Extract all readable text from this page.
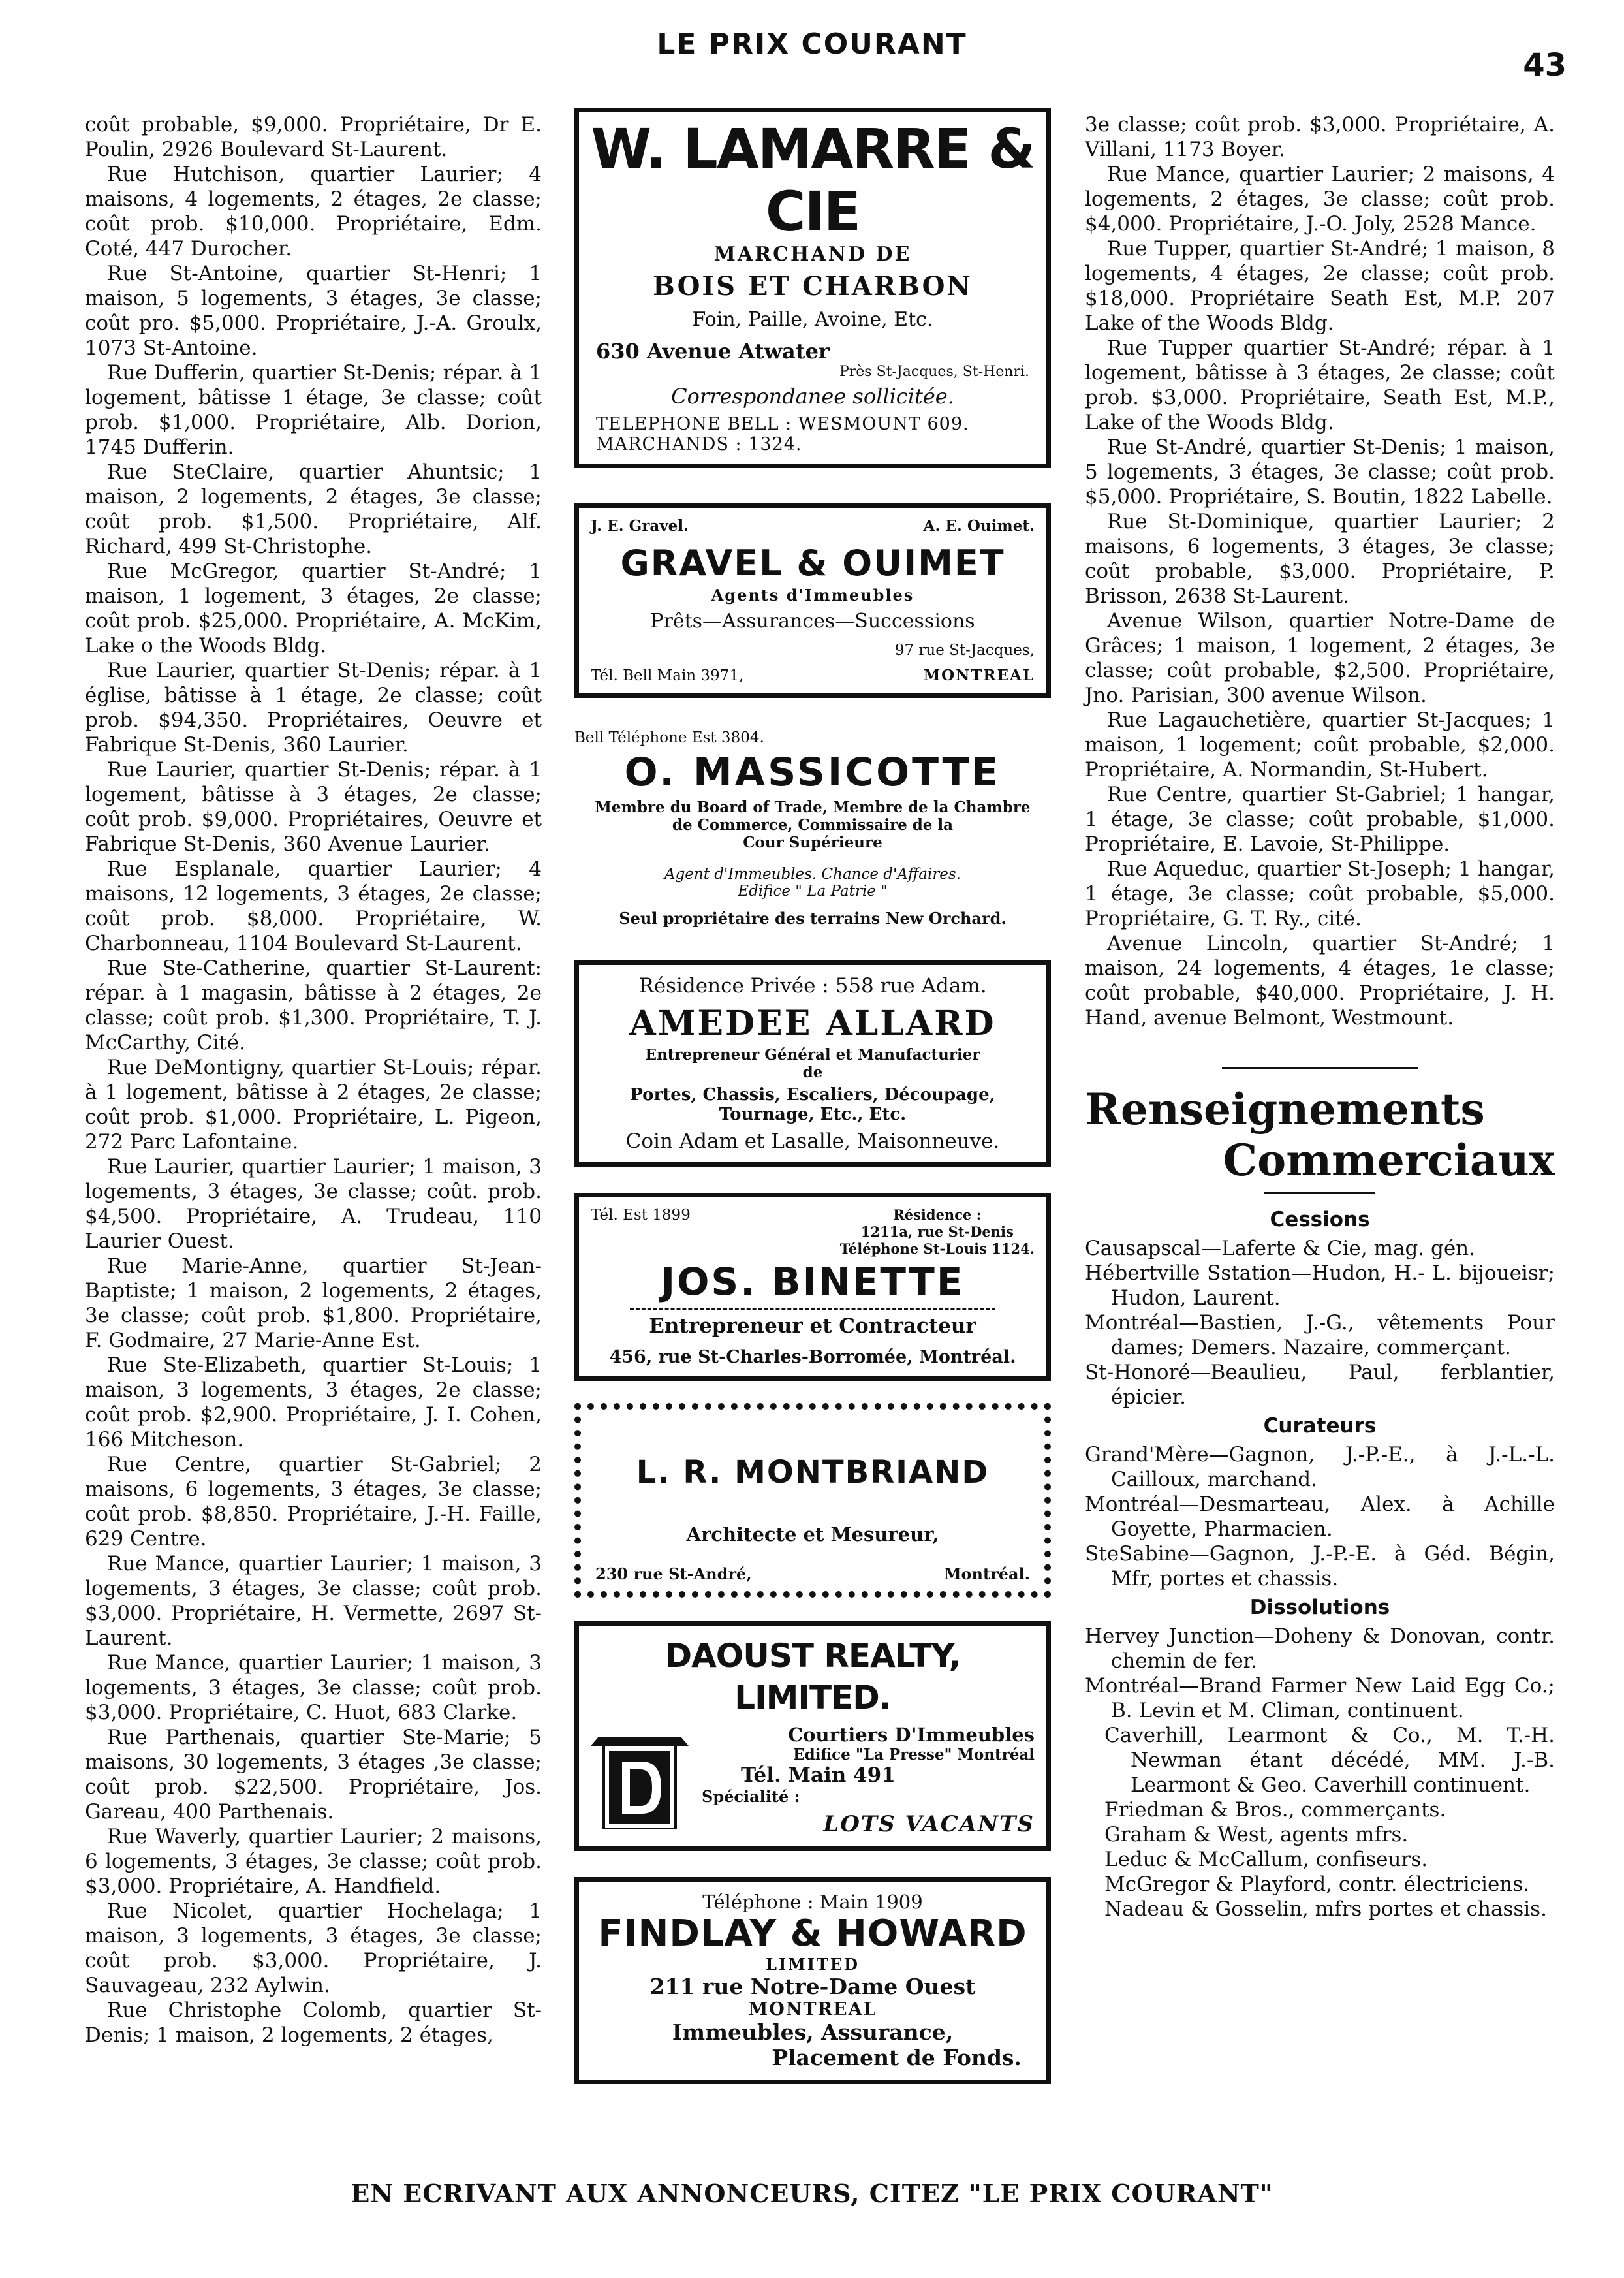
LE PRIX COURANT
43

coût probable, $9,000. Propriétaire, Dr E. Poulin, 2926 Boulevard St-Laurent.

Rue Hutchison, quartier Laurier; 4 maisons, 4 logements, 2 étages, 2e classe; coût prob. $10,000. Propriétaire, Edm. Coté, 447 Durocher.

Rue St-Antoine, quartier St-Henri; 1 maison, 5 logements, 3 étages, 3e classe; coût pro. $5,000. Propriétaire, J.-A. Groulx, 1073 St-Antoine.

Rue Dufferin, quartier St-Denis; répar. à 1 logement, bâtisse 1 étage, 3e classe; coût prob. $1,000. Propriétaire, Alb. Dorion, 1745 Dufferin.

Rue SteClaire, quartier Ahuntsic; 1 maison, 2 logements, 2 étages, 3e classe; coût prob. $1,500. Propriétaire, Alf. Richard, 499 St-Christophe.

Rue McGregor, quartier St-André; 1 maison, 1 logement, 3 étages, 2e classe; coût prob. $25,000. Propriétaire, A. McKim, Lake o the Woods Bldg.

Rue Laurier, quartier St-Denis; répar. à 1 église, bâtisse à 1 étage, 2e classe; coût prob. $94,350. Propriétaires, Oeuvre et Fabrique St-Denis, 360 Laurier.

Rue Laurier, quartier St-Denis; répar. à 1 logement, bâtisse à 3 étages, 2e classe; coût prob. $9,000. Propriétaires, Oeuvre et Fabrique St-Denis, 360 Avenue Laurier.

Rue Esplanale, quartier Laurier; 4 maisons, 12 logements, 3 étages, 2e classe; coût prob. $8,000. Propriétaire, W. Charbonneau, 1104 Boulevard St-Laurent.

Rue Ste-Catherine, quartier St-Laurent: répar. à 1 magasin, bâtisse à 2 étages, 2e classe; coût prob. $1,300. Propriétaire, T. J. McCarthy, Cité.

Rue DeMontigny, quartier St-Louis; répar. à 1 logement, bâtisse à 2 étages, 2e classe; coût prob. $1,000. Propriétaire, L. Pigeon, 272 Parc Lafontaine.

Rue Laurier, quartier Laurier; 1 maison, 3 logements, 3 étages, 3e classe; coût. prob. $4,500. Propriétaire, A. Trudeau, 110 Laurier Ouest.

Rue Marie-Anne, quartier St-Jean-Baptiste; 1 maison, 2 logements, 2 étages, 3e classe; coût prob. $1,800. Propriétaire, F. Godmaire, 27 Marie-Anne Est.

Rue Ste-Elizabeth, quartier St-Louis; 1 maison, 3 logements, 3 étages, 2e classe; coût prob. $2,900. Propriétaire, J. I. Cohen, 166 Mitcheson.

Rue Centre, quartier St-Gabriel; 2 maisons, 6 logements, 3 étages, 3e classe; coût prob. $8,850. Propriétaire, J.-H. Faille, 629 Centre.

Rue Mance, quartier Laurier; 1 maison, 3 logements, 3 étages, 3e classe; coût prob. $3,000. Propriétaire, H. Vermette, 2697 St-Laurent.

Rue Mance, quartier Laurier; 1 maison, 3 logements, 3 étages, 3e classe; coût prob. $3,000. Propriétaire, C. Huot, 683 Clarke.

Rue Parthenais, quartier Ste-Marie; 5 maisons, 30 logements, 3 étages ,3e classe; coût prob. $22,500. Propriétaire, Jos. Gareau, 400 Parthenais.

Rue Waverly, quartier Laurier; 2 maisons, 6 logements, 3 étages, 3e classe; coût prob. $3,000. Propriétaire, A. Handfield.

Rue Nicolet, quartier Hochelaga; 1 maison, 3 logements, 3 étages, 3e classe; coût prob. $3,000. Propriétaire, J. Sauvageau, 232 Aylwin.

Rue Christophe Colomb, quartier St-Denis; 1 maison, 2 logements, 2 étages,

W. LAMARRE & CIE

MARCHAND DE

BOIS ET CHARBON

Foin, Paille, Avoine, Etc.

630 Avenue Atwater

Près St-Jacques, St-Henri.

Correspondanee sollicitée.

TELEPHONE BELL : WESMOUNT 609.

MARCHANDS : 1324.

J. E. Gravel.	A. E. Ouimet.

GRAVEL & OUIMET

Agents d'Immeubles

Prêts—Assurances—Successions

97 rue St-Jacques,

Tél. Bell Main 3971,	MONTREAL

Bell Téléphone Est 3804.

O. MASSICOTTE

Membre du Board of Trade, Membre de la Chambre

de Commerce, Commissaire de la

Cour Supérieure

Agent d'Immeubles. Chance d'Affaires.

Edifice " La Patrie "

Seul propriétaire des terrains New Orchard.

Résidence Privée : 558 rue Adam.

AMEDEE ALLARD

Entrepreneur Général et Manufacturier

de

Portes, Chassis, Escaliers, Découpage,

Tournage, Etc., Etc.

Coin Adam et Lasalle, Maisonneuve.

Tél. Est 1899	Résidence :
1211a, rue St-Denis
Téléphone St-Louis 1124.

JOS. BINETTE

Entrepreneur et Contracteur

456, rue St-Charles-Borromée, Montréal.

L. R. MONTBRIAND

Architecte et Mesureur,

230 rue St-André,	Montréal.

DAOUST REALTY, LIMITED.

Courtiers D'Immeubles

Edifice "La Presse" Montréal

Tél. Main 491

Spécialité :

LOTS VACANTS

Téléphone : Main 1909

FINDLAY & HOWARD

LIMITED

211 rue Notre-Dame Ouest

MONTREAL

Immeubles, Assurance,

Placement de Fonds.

3e classe; coût prob. $3,000. Propriétaire, A. Villani, 1173 Boyer.

Rue Mance, quartier Laurier; 2 maisons, 4 logements, 2 étages, 3e classe; coût prob. $4,000. Propriétaire, J.-O. Joly, 2528 Mance.

Rue Tupper, quartier St-André; 1 maison, 8 logements, 4 étages, 2e classe; coût prob. $18,000. Propriétaire Seath Est, M.P. 207 Lake of the Woods Bldg.

Rue Tupper quartier St-André; répar. à 1 logement, bâtisse à 3 étages, 2e classe; coût prob. $3,000. Propriétaire, Seath Est, M.P., Lake of the Woods Bldg.

Rue St-André, quartier St-Denis; 1 maison, 5 logements, 3 étages, 3e classe; coût prob. $5,000. Propriétaire, S. Boutin, 1822 Labelle.

Rue St-Dominique, quartier Laurier; 2 maisons, 6 logements, 3 étages, 3e classe; coût probable, $3,000. Propriétaire, P. Brisson, 2638 St-Laurent.

Avenue Wilson, quartier Notre-Dame de Grâces; 1 maison, 1 logement, 2 étages, 3e classe; coût probable, $2,500. Propriétaire, Jno. Parisian, 300 avenue Wilson.

Rue Lagauchetière, quartier St-Jacques; 1 maison, 1 logement; coût probable, $2,000. Propriétaire, A. Normandin, St-Hubert.

Rue Centre, quartier St-Gabriel; 1 hangar, 1 étage, 3e classe; coût probable, $1,000. Propriétaire, E. Lavoie, St-Philippe.

Rue Aqueduc, quartier St-Joseph; 1 hangar, 1 étage, 3e classe; coût probable, $5,000. Propriétaire, G. T. Ry., cité.

Avenue Lincoln, quartier St-André; 1 maison, 24 logements, 4 étages, 1e classe; coût probable, $40,000. Propriétaire, J. H. Hand, avenue Belmont, Westmount.

Renseignements
Commerciaux
Cessions
Causapscal—Laferte & Cie, mag. gén.
Hébertville Sstation—Hudon, H.- L. bijoueisr; Hudon, Laurent.
Montréal—Bastien, J.-G., vêtements Pour dames; Demers. Nazaire, commerçant.
St-Honoré—Beaulieu, Paul, ferblantier, épicier.
Curateurs
Grand'Mère—Gagnon, J.-P.-E., à J.-L.-L. Cailloux, marchand.
Montréal—Desmarteau, Alex. à Achille Goyette, Pharmacien.
SteSabine—Gagnon, J.-P.-E. à Géd. Bégin, Mfr, portes et chassis.
Dissolutions
Hervey Junction—Doheny & Donovan, contr. chemin de fer.
Montréal—Brand Farmer New Laid Egg Co.; B. Levin et M. Climan, continuent.
Caverhill, Learmont & Co., M. T.-H. Newman étant décédé, MM. J.-B. Learmont & Geo. Caverhill continuent.
Friedman & Bros., commerçants.
Graham & West, agents mfrs.
Leduc & McCallum, confiseurs.
McGregor & Playford, contr. électriciens.
Nadeau & Gosselin, mfrs portes et chassis.
EN ECRIVANT AUX ANNONCEURS, CITEZ "LE PRIX COURANT"
